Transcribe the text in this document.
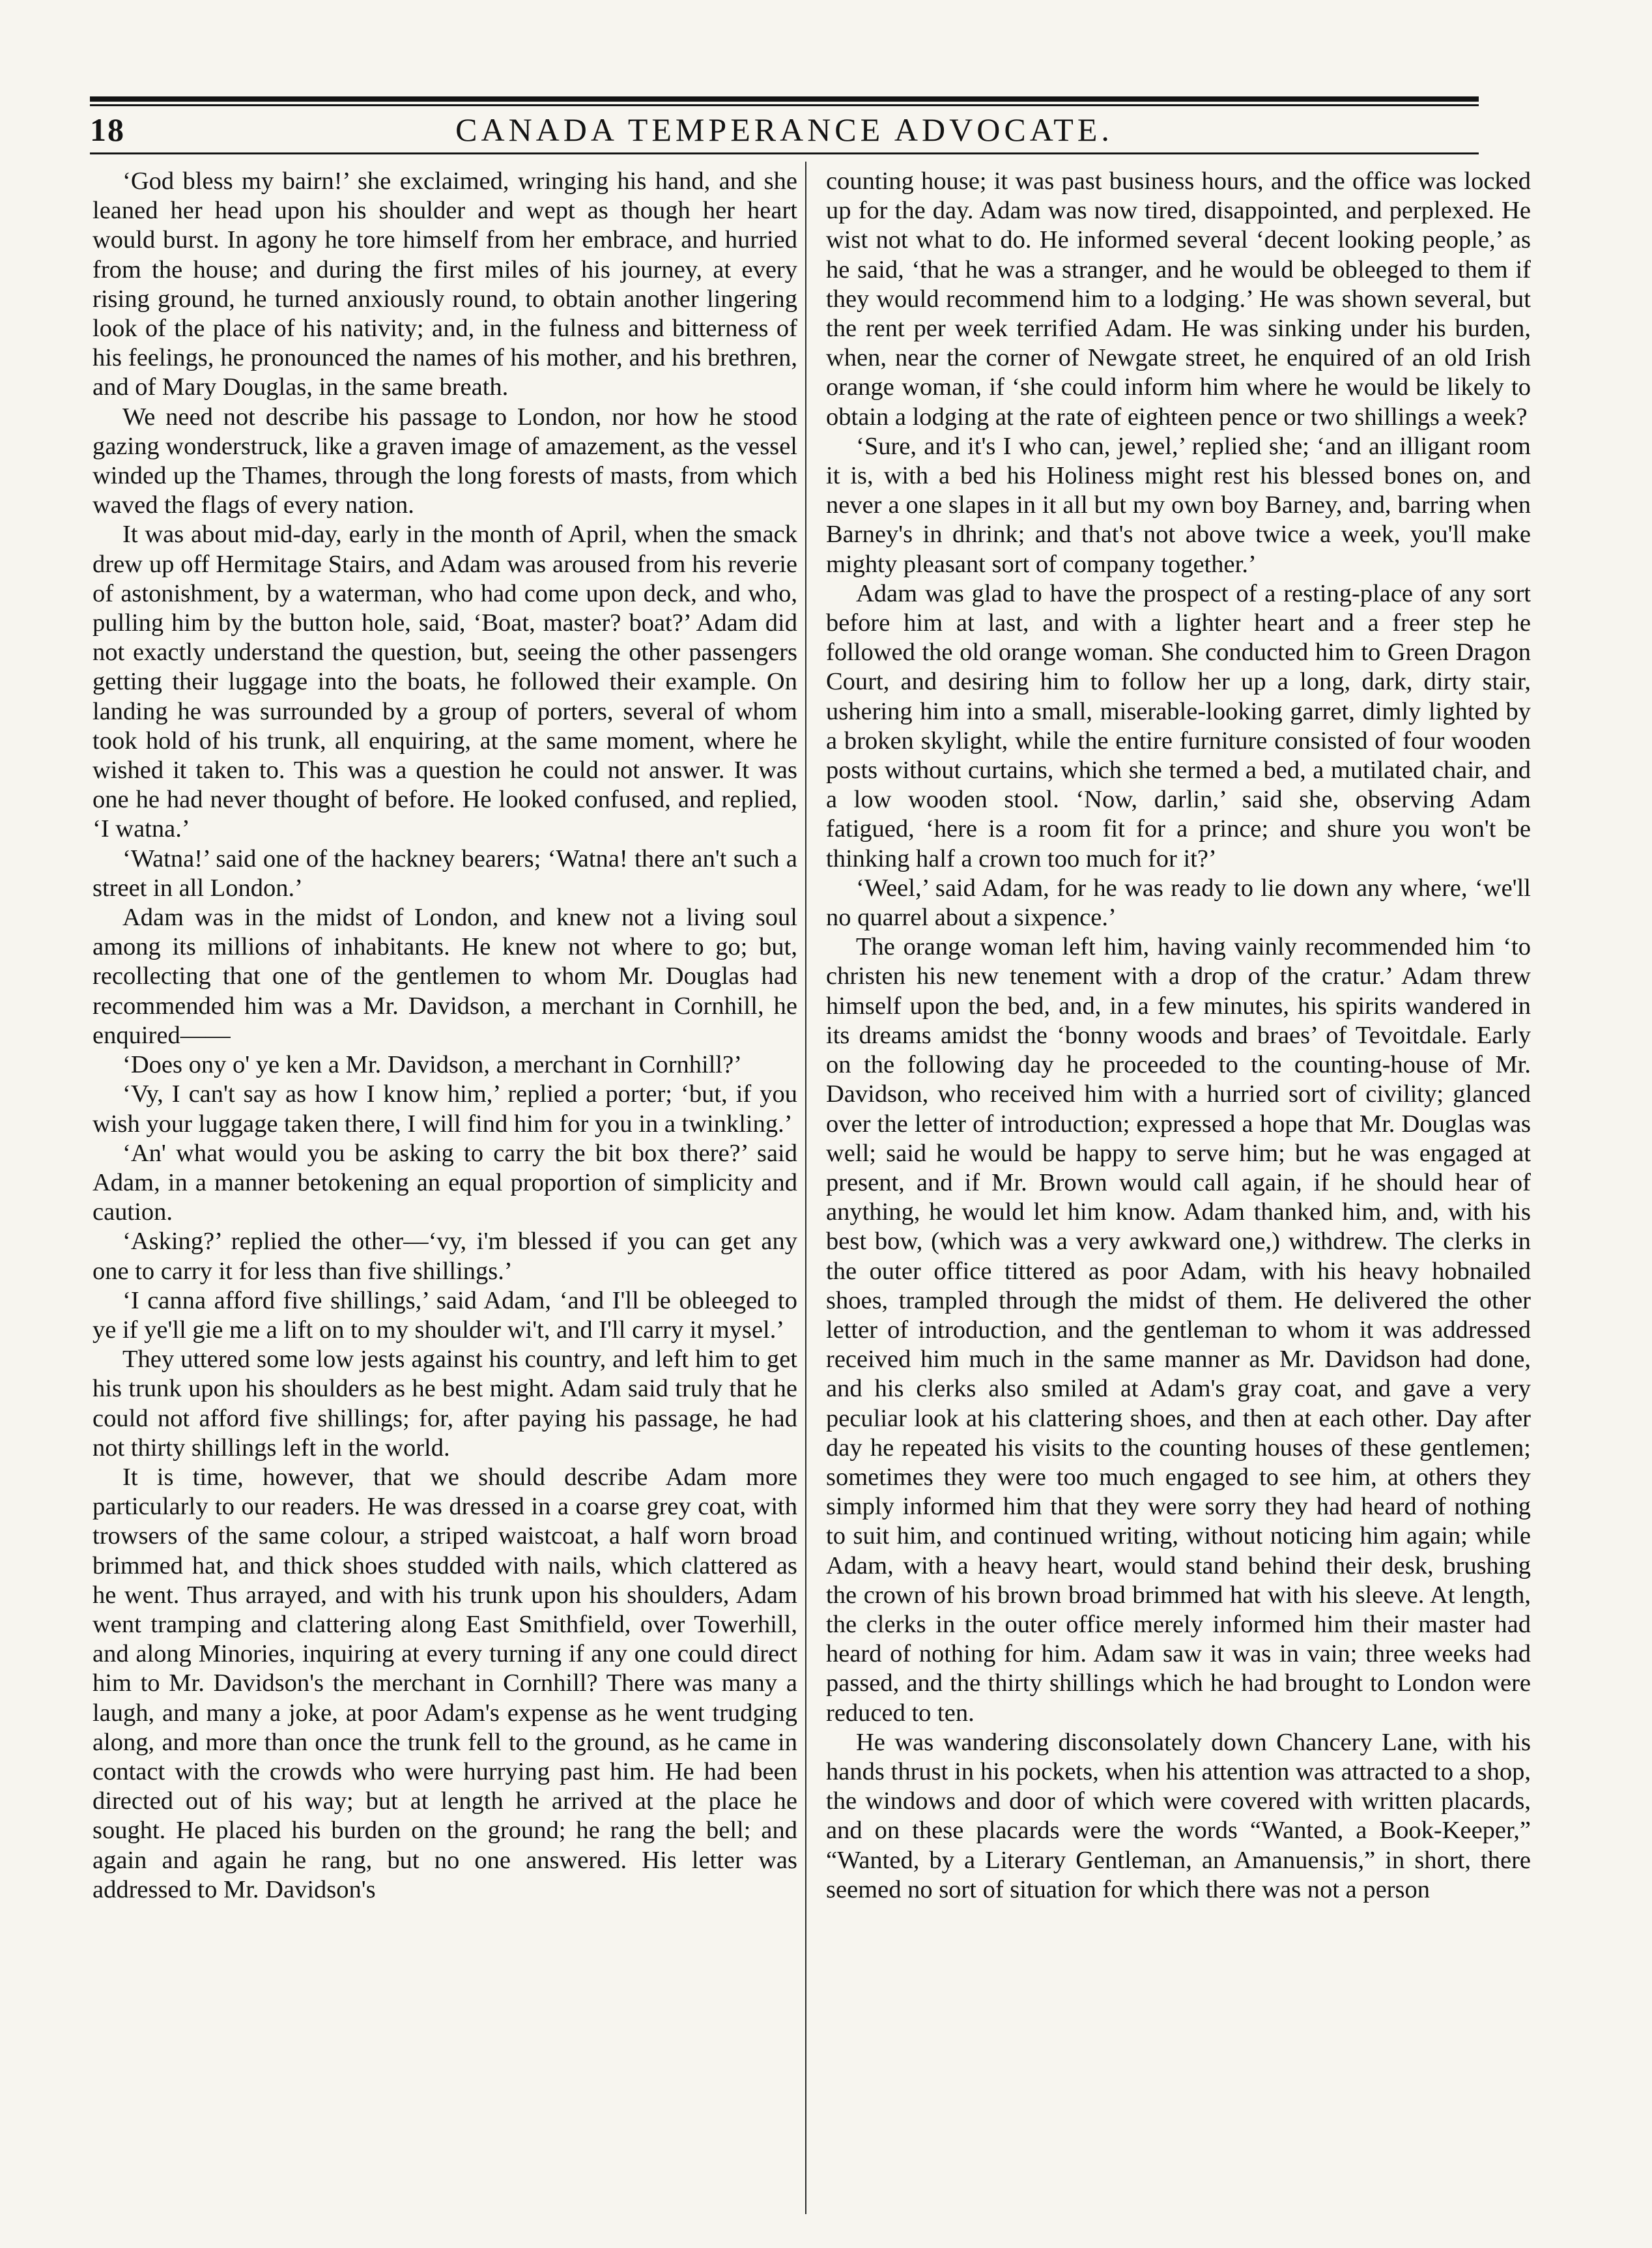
18	CANADA TEMPERANCE ADVOCATE.

‘God bless my bairn!’ she exclaimed, wringing his hand, and she leaned her head upon his shoulder and wept as though her heart would burst. In agony he tore himself from her embrace, and hurried from the house; and during the first miles of his journey, at every rising ground, he turned anxiously round, to obtain another lingering look of the place of his nativity; and, in the fulness and bitterness of his feelings, he pronounced the names of his mother, and his brethren, and of Mary Douglas, in the same breath.

We need not describe his passage to London, nor how he stood gazing wonderstruck, like a graven image of amazement, as the vessel winded up the Thames, through the long forests of masts, from which waved the flags of every nation.

It was about mid-day, early in the month of April, when the smack drew up off Hermitage Stairs, and Adam was aroused from his reverie of astonishment, by a waterman, who had come upon deck, and who, pulling him by the button hole, said, ‘Boat, master? boat?’ Adam did not exactly understand the question, but, seeing the other passengers getting their luggage into the boats, he followed their example. On landing he was surrounded by a group of porters, several of whom took hold of his trunk, all enquiring, at the same moment, where he wished it taken to. This was a question he could not answer. It was one he had never thought of before. He looked confused, and replied, ‘I watna.’

‘Watna!’ said one of the hackney bearers; ‘Watna! there an't such a street in all London.’

Adam was in the midst of London, and knew not a living soul among its millions of inhabitants. He knew not where to go; but, recollecting that one of the gentlemen to whom Mr. Douglas had recommended him was a Mr. Davidson, a merchant in Cornhill, he enquired——

‘Does ony o' ye ken a Mr. Davidson, a merchant in Cornhill?’

‘Vy, I can't say as how I know him,’ replied a porter; ‘but, if you wish your luggage taken there, I will find him for you in a twinkling.’

‘An' what would you be asking to carry the bit box there?’ said Adam, in a manner betokening an equal proportion of simplicity and caution.

‘Asking?’ replied the other—‘vy, i'm blessed if you can get any one to carry it for less than five shillings.’

‘I canna afford five shillings,’ said Adam, ‘and I'll be obleeged to ye if ye'll gie me a lift on to my shoulder wi't, and I'll carry it mysel.’

They uttered some low jests against his country, and left him to get his trunk upon his shoulders as he best might. Adam said truly that he could not afford five shillings; for, after paying his passage, he had not thirty shillings left in the world.

It is time, however, that we should describe Adam more particularly to our readers. He was dressed in a coarse grey coat, with trowsers of the same colour, a striped waistcoat, a half worn broad brimmed hat, and thick shoes studded with nails, which clattered as he went. Thus arrayed, and with his trunk upon his shoulders, Adam went tramping and clattering along East Smithfield, over Towerhill, and along Minories, inquiring at every turning if any one could direct him to Mr. Davidson's the merchant in Cornhill? There was many a laugh, and many a joke, at poor Adam's expense as he went trudging along, and more than once the trunk fell to the ground, as he came in contact with the crowds who were hurrying past him. He had been directed out of his way; but at length he arrived at the place he sought. He placed his burden on the ground; he rang the bell; and again and again he rang, but no one answered. His letter was addressed to Mr. Davidson's

counting house; it was past business hours, and the office was locked up for the day. Adam was now tired, disappointed, and perplexed. He wist not what to do. He informed several ‘decent looking people,’ as he said, ‘that he was a stranger, and he would be obleeged to them if they would recommend him to a lodging.’ He was shown several, but the rent per week terrified Adam. He was sinking under his burden, when, near the corner of Newgate street, he enquired of an old Irish orange woman, if ‘she could inform him where he would be likely to obtain a lodging at the rate of eighteen pence or two shillings a week?

‘Sure, and it's I who can, jewel,’ replied she; ‘and an illigant room it is, with a bed his Holiness might rest his blessed bones on, and never a one slapes in it all but my own boy Barney, and, barring when Barney's in dhrink; and that's not above twice a week, you'll make mighty pleasant sort of company together.’

Adam was glad to have the prospect of a resting-place of any sort before him at last, and with a lighter heart and a freer step he followed the old orange woman. She conducted him to Green Dragon Court, and desiring him to follow her up a long, dark, dirty stair, ushering him into a small, miserable-looking garret, dimly lighted by a broken skylight, while the entire furniture consisted of four wooden posts without curtains, which she termed a bed, a mutilated chair, and a low wooden stool. ‘Now, darlin,’ said she, observing Adam fatigued, ‘here is a room fit for a prince; and shure you won't be thinking half a crown too much for it?’

‘Weel,’ said Adam, for he was ready to lie down any where, ‘we'll no quarrel about a sixpence.’

The orange woman left him, having vainly recommended him ‘to christen his new tenement with a drop of the cratur.’ Adam threw himself upon the bed, and, in a few minutes, his spirits wandered in its dreams amidst the ‘bonny woods and braes’ of Tevoitdale. Early on the following day he proceeded to the counting-house of Mr. Davidson, who received him with a hurried sort of civility; glanced over the letter of introduction; expressed a hope that Mr. Douglas was well; said he would be happy to serve him; but he was engaged at present, and if Mr. Brown would call again, if he should hear of anything, he would let him know. Adam thanked him, and, with his best bow, (which was a very awkward one,) withdrew. The clerks in the outer office tittered as poor Adam, with his heavy hobnailed shoes, trampled through the midst of them. He delivered the other letter of introduction, and the gentleman to whom it was addressed received him much in the same manner as Mr. Davidson had done, and his clerks also smiled at Adam's gray coat, and gave a very peculiar look at his clattering shoes, and then at each other. Day after day he repeated his visits to the counting houses of these gentlemen; sometimes they were too much engaged to see him, at others they simply informed him that they were sorry they had heard of nothing to suit him, and continued writing, without noticing him again; while Adam, with a heavy heart, would stand behind their desk, brushing the crown of his brown broad brimmed hat with his sleeve. At length, the clerks in the outer office merely informed him their master had heard of nothing for him. Adam saw it was in vain; three weeks had passed, and the thirty shillings which he had brought to London were reduced to ten.

He was wandering disconsolately down Chancery Lane, with his hands thrust in his pockets, when his attention was attracted to a shop, the windows and door of which were covered with written placards, and on these placards were the words “Wanted, a Book-Keeper,” “Wanted, by a Literary Gentleman, an Amanuensis,” in short, there seemed no sort of situation for which there was not a person
